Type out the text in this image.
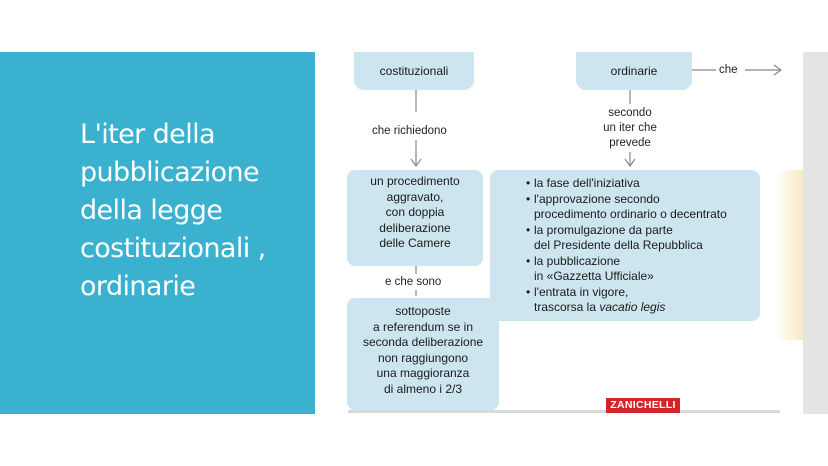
L'iter della
pubblicazione
della legge
costituzionali ,
ordinarie
costituzionali	ordinarie	che
che richiedono
secondo
un iter che
prevede
un procedimento
aggravato,
con doppia
deliberazione
delle Camere
e che sono
sottoposte
a referendum se in
seconda deliberazione
non raggiungono
una maggioranza
di almeno i 2/3
• la fase dell'iniziativa
• l'approvazione secondo
procedimento ordinario o decentrato
• la promulgazione da parte
del Presidente della Repubblica
• la pubblicazione
in «Gazzetta Ufficiale»
• l'entrata in vigore,
trascorsa la vacatio legis
ZANICHELLI
